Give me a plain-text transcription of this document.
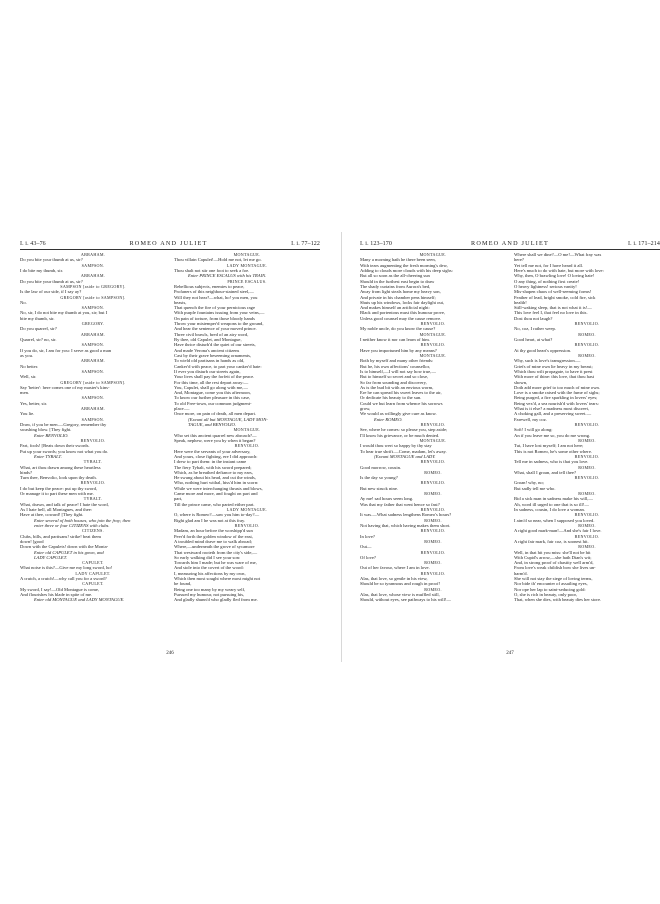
I. i. 43–76	ROMEO AND JULIET	I. i. 77–122
ABRAHAM.
Do you bite your thumb at us, sir?
SAMPSON.
I do bite my thumb, sir.
ABRAHAM.
Do you bite your thumb at us, sir?
SAMPSON [aside to GREGORY].
Is the law of our side, if I say ay?
GREGORY [aside to SAMPSON].
No.
SAMPSON.
No, sir, I do not bite my thumb at you, sir; but I
bite my thumb, sir.
GREGORY.
Do you quarrel, sir?
ABRAHAM.
Quarrel, sir? no, sir.
SAMPSON.
If you do, sir, I am for you: I serve as good a man
as you.
ABRAHAM.
No better.
SAMPSON.
Well, sir.
GREGORY [aside to SAMPSON].
Say 'better': here comes one of my master's kins-
men.
SAMPSON.
Yes, better, sir.
ABRAHAM.
You lie.
SAMPSON.
Draw, if you be men.—Gregory, remember thy
swashing blow. [They fight.
Enter BENVOLIO.
BENVOLIO.
Part, fools! [Beats down their swords.
Put up your swords; you know not what you do.
Enter TYBALT.
TYBALT.
What, art thou drawn among these heartless
hinds?
Turn thee, Benvolio, look upon thy death.
BENVOLIO.
I do but keep the peace: put up thy sword,
Or manage it to part these men with me.
TYBALT.
What, drawn, and talk of peace! I hate the word,
As I hate hell, all Montagues, and thee:
Have at thee, coward! [They fight.
Enter several of both houses, who join the fray; then
enter three or four CITIZENS with clubs.
CITIZENS.
Clubs, bills, and partisans! strike! beat them
down! [good
Down with the Capulets! down with the Monta-
Enter old CAPULET in his gown, and
LADY CAPULET.
CAPULET.
What noise is this?—Give me my long sword, ho!
LADY CAPULET.
A crutch, a crutch!—why call you for a sword?
CAPULET.
My sword, I say!—Old Montague is come,
And flourishes his blade in spite of me.
Enter old MONTAGUE and LADY MONTAGUE.
MONTAGUE.
Thou villain Capulet!—Hold me not, let me go.
LADY MONTAGUE.
Thou shalt not stir one foot to seek a foe.
Enter PRINCE ESCALUS with his TRAIN.
PRINCE ESCALUS.
Rebellious subjects, enemies to peace,
Profaners of this neighbour-stained steel,—
Will they not hear?—what, ho! you men, you
beasts,
That quench the fire of your pernicious rage
With purple fountains issuing from your veins,—
On pain of torture, from those bloody hands
Throw your mistemper'd weapons to the ground,
And hear the sentence of your moved prince.
Three civil brawls, bred of an airy word,
By thee, old Capulet, and Montague,
Have thrice disturb'd the quiet of our streets,
And made Verona's ancient citizens
Cast by their grave beseeming ornaments,
To wield old partisans in hands as old,
Canker'd with peace, to part your canker'd hate:
If ever you disturb our streets again,
Your lives shall pay the forfeit of the peace.
For this time, all the rest depart away:—
You, Capulet, shall go along with me,—
And, Montague, come you this afternoon,
To know our further pleasure in this case,
To old Free-town, our common judgment-
place.—
Once more, on pain of death, all men depart.
[Exeunt all but MONTAGUE, LADY MON-
TAGUE, and BENVOLIO.
MONTAGUE.
Who set this ancient quarrel new abroach?—
Speak, nephew, were you by when it began?
BENVOLIO.
Here were the servants of your adversary,
And yours, close fighting, ere I did approach:
I drew to part them: in the instant came
The fiery Tybalt, with his sword prepared;
Which, as he breathed defiance to my ears,
He swung about his head, and cut the winds,
Who, nothing hurt withal, hiss'd him in scorn:
While we were interchanging thrusts and blows,
Came more and more, and fought on part and
part,
Till the prince came, who parted either part.
LADY MONTAGUE.
O, where is Romeo?—saw you him to-day?—
Right glad am I he was not at this fray.
BENVOLIO.
Madam, an hour before the worshipp'd sun
Peer'd forth the golden window of the east,
A troubled mind drave me to walk abroad;
Where,—underneath the grove of sycamore
That westward rooteth from the city's side,—
So early walking did I see your son:
Towards him I made; but he was ware of me,
And stole into the covert of the wood:
I, measuring his affections by my own,
Which then most sought where most might not
be found,
Being one too many by my weary self,
Pursued my humour, not pursuing his,
And gladly shunn'd who gladly fled from me.
246
I. i. 123–170	ROMEO AND JULIET	I. i. 171–214
MONTAGUE.
Many a morning hath he there been seen,
With tears augmenting the fresh morning's dew,
Adding to clouds more clouds with his deep sighs:
But all so soon as the all-cheering sun
Should in the furthest east begin to draw
The shady curtains from Aurora's bed,
Away from light steals home my heavy son,
And private in his chamber pens himself;
Shuts up his windows, locks fair daylight out,
And makes himself an artificial night:
Black and portentous must this humour prove,
Unless good counsel may the cause remove.
BENVOLIO.
My noble uncle, do you know the cause?
MONTAGUE.
I neither know it nor can learn of him.
BENVOLIO.
Have you importuned him by any means?
MONTAGUE.
Both by myself and many other friends:
But he, his own affections' counsellor,
Is to himself,—I will not say how true,—
But to himself so secret and so close,
So far from sounding and discovery,
As is the bud bit with an envious worm,
Ere he can spread his sweet leaves to the air,
Or dedicate his beauty to the sun.
Could we but learn from whence his sorrows
grow,
We would as willingly give cure as know.
Enter ROMEO.
BENVOLIO.
See, where he comes: so please you, step aside;
I'll know his grievance, or be much denied.
MONTAGUE.
I would thou wert so happy by thy stay
To hear true shrift.—Come, madam, let's away.
[Exeunt MONTAGUE and LADY.
BENVOLIO.
Good morrow, cousin.
ROMEO.
Is the day so young?
BENVOLIO.
But new struck nine.
ROMEO.
Ay me! sad hours seem long.
Was that my father that went hence so fast?
BENVOLIO.
It was.—What sadness lengthens Romeo's hours?
ROMEO.
Not having that, which having makes them short.
BENVOLIO.
In love?
ROMEO.
Out—
BENVOLIO.
Of love?
ROMEO.
Out of her favour, where I am in love.
BENVOLIO.
Alas, that love, so gentle in his view,
Should be so tyrannous and rough in proof!
ROMEO.
Alas, that love, whose view is muffled still,
Should, without eyes, see pathways to his will!—
Where shall we dine?—O me!—What fray was
here?
Yet tell me not, for I have heard it all.
Here's much to do with hate, but more with love:
Why, then, O brawling love! O loving hate!
O any thing, of nothing first create!
O heavy lightness! serious vanity!
Mis-shapen chaos of well-seeming forms!
Feather of lead, bright smoke, cold fire, sick
health!
Still-waking sleep, that is not what it is!—
This love feel I, that feel no love in this.
Dost thou not laugh?
BENVOLIO.
No, coz, I rather weep.
ROMEO.
Good heart, at what?
BENVOLIO.
At thy good heart's oppression.
ROMEO.
Why, such is love's transgression.—
Griefs of mine own lie heavy in my breast;
Which thou wilt propagate, to have it prest
With more of thine: this love, that thou hast
shown,
Doth add more grief to too much of mine own.
Love is a smoke raised with the fume of sighs;
Being purged, a fire sparkling in lovers' eyes;
Being vex'd, a sea nourish'd with lovers' tears:
What is it else? a madness most discreet,
A choking gall, and a preserving sweet.—
Farewell, my coz.
BENVOLIO.
Soft! I will go along:
An if you leave me so, you do me wrong.
ROMEO.
Tut, I have lost myself; I am not here;
This is not Romeo, he's some other where.
BENVOLIO.
Tell me in sadness, who is that you love.
ROMEO.
What, shall I groan, and tell thee?
BENVOLIO.
Groan! why, no;
But sadly tell me who.
ROMEO.
Bid a sick man in sadness make his will,—
Ah, word ill urged to one that is so ill!—
In sadness, cousin, I do love a woman.
BENVOLIO.
I aim'd so near, when I supposed you loved.
ROMEO.
A right good mark-man!—And she's fair I love.
BENVOLIO.
A right fair mark, fair coz, is soonest hit.
ROMEO.
Well, in that hit you miss: she'll not be hit
With Cupid's arrow,—she hath Dian's wit;
And, in strong proof of chastity well arm'd,
From love's weak childish bow she lives un-
harm'd.
She will not stay the siege of loving terms,
Nor bide th' encounter of assailing eyes,
Nor ope her lap to saint-seducing gold:
O, she is rich in beauty, only poor,
That, when she dies, with beauty dies her store.
247
